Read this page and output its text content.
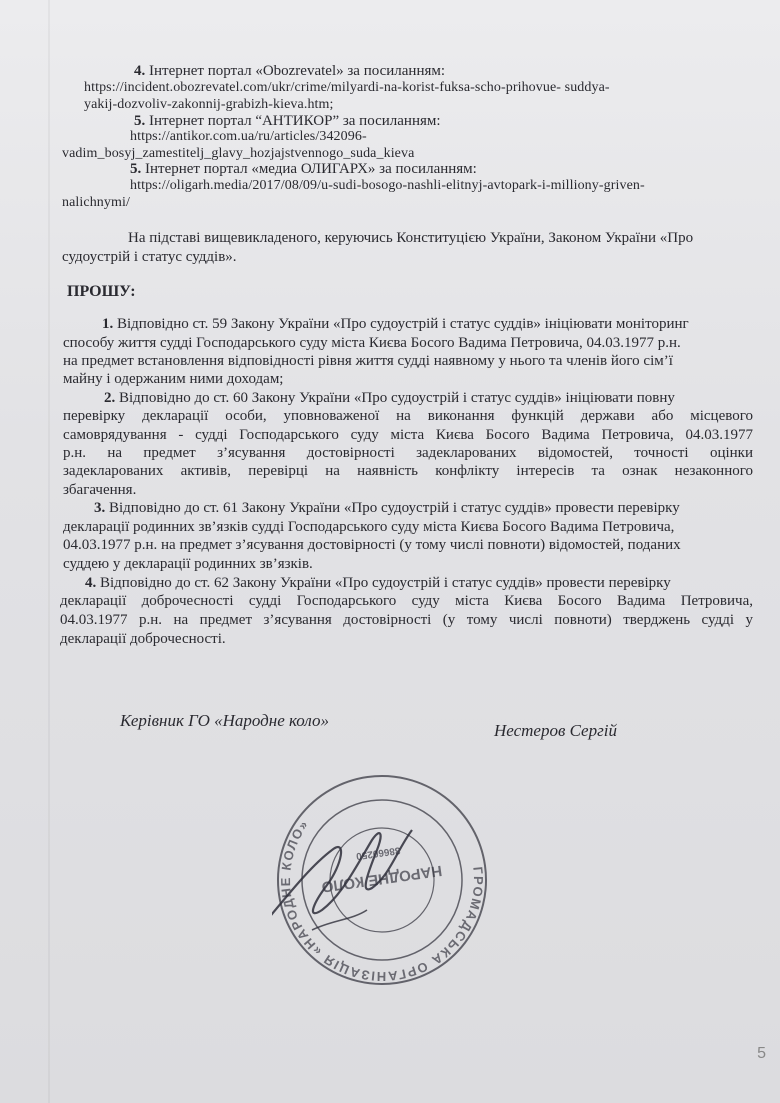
4. Інтернет портал «Obozrevatel» за посиланням:
https://incident.obozrevatel.com/ukr/crime/milyardi-na-korist-fuksa-scho-prihovue- suddya-
yakij-dozvoliv-zakonnij-grabizh-kieva.htm;
5. Інтернет портал “АНТИКОР” за посиланням:
https://antikor.com.ua/ru/articles/342096-
vadim_bosyj_zamestitelj_glavy_hozjajstvennogo_suda_kieva
5. Інтернет портал «медиа ОЛИГАРХ» за посиланням:
https://oligarh.media/2017/08/09/u-sudi-bosogo-nashli-elitnyj-avtopark-i-milliony-griven-
nalichnymi/
На підставі вищевикладеного, керуючись Конституцією України, Законом України «Про
судоустрій і статус суддів».
ПРОШУ:
1. Відповідно ст. 59 Закону України «Про судоустрій і статус суддів» ініціювати моніторинг
способу життя судді Господарського суду міста Києва Босого Вадима Петровича, 04.03.1977 р.н.
на предмет встановлення відповідності рівня життя судді наявному у нього та членів його сім’ї
майну і одержаним ними доходам;
2. Відповідно до ст. 60 Закону України «Про судоустрій і статус суддів» ініціювати повну
перевірку декларації особи, уповноваженої на виконання функцій держави або місцевого
самоврядування - судді Господарського суду міста Києва Босого Вадима Петровича, 04.03.1977
р.н. на предмет з’ясування достовірності задекларованих відомостей, точності оцінки
задекларованих активів, перевірці на наявність конфлікту інтересів та ознак незаконного
збагачення.
3. Відповідно до ст. 61 Закону України «Про судоустрій і статус суддів» провести перевірку
декларації родинних зв’язків судді Господарського суду міста Києва Босого Вадима Петровича,
04.03.1977 р.н. на предмет з’ясування достовірності (у тому числі повноти) відомостей, поданих
суддею у декларації родинних зв’язків.
4. Відповідно до ст. 62 Закону України «Про судоустрій і статус суддів» провести перевірку
декларації доброчесності судді Господарського суду міста Києва Босого Вадима Петровича,
04.03.1977 р.н. на предмет з’ясування достовірності (у тому числі повноти) тверджень судді у
декларації доброчесності.
Керівник ГО «Народне коло»
Нестеров Сергій
ГРОМАДСЬКА ОРГАНІЗАЦІЯ «НАРОДНЕ КОЛО»
НАРОДНЕ КОЛО
38660250
5
